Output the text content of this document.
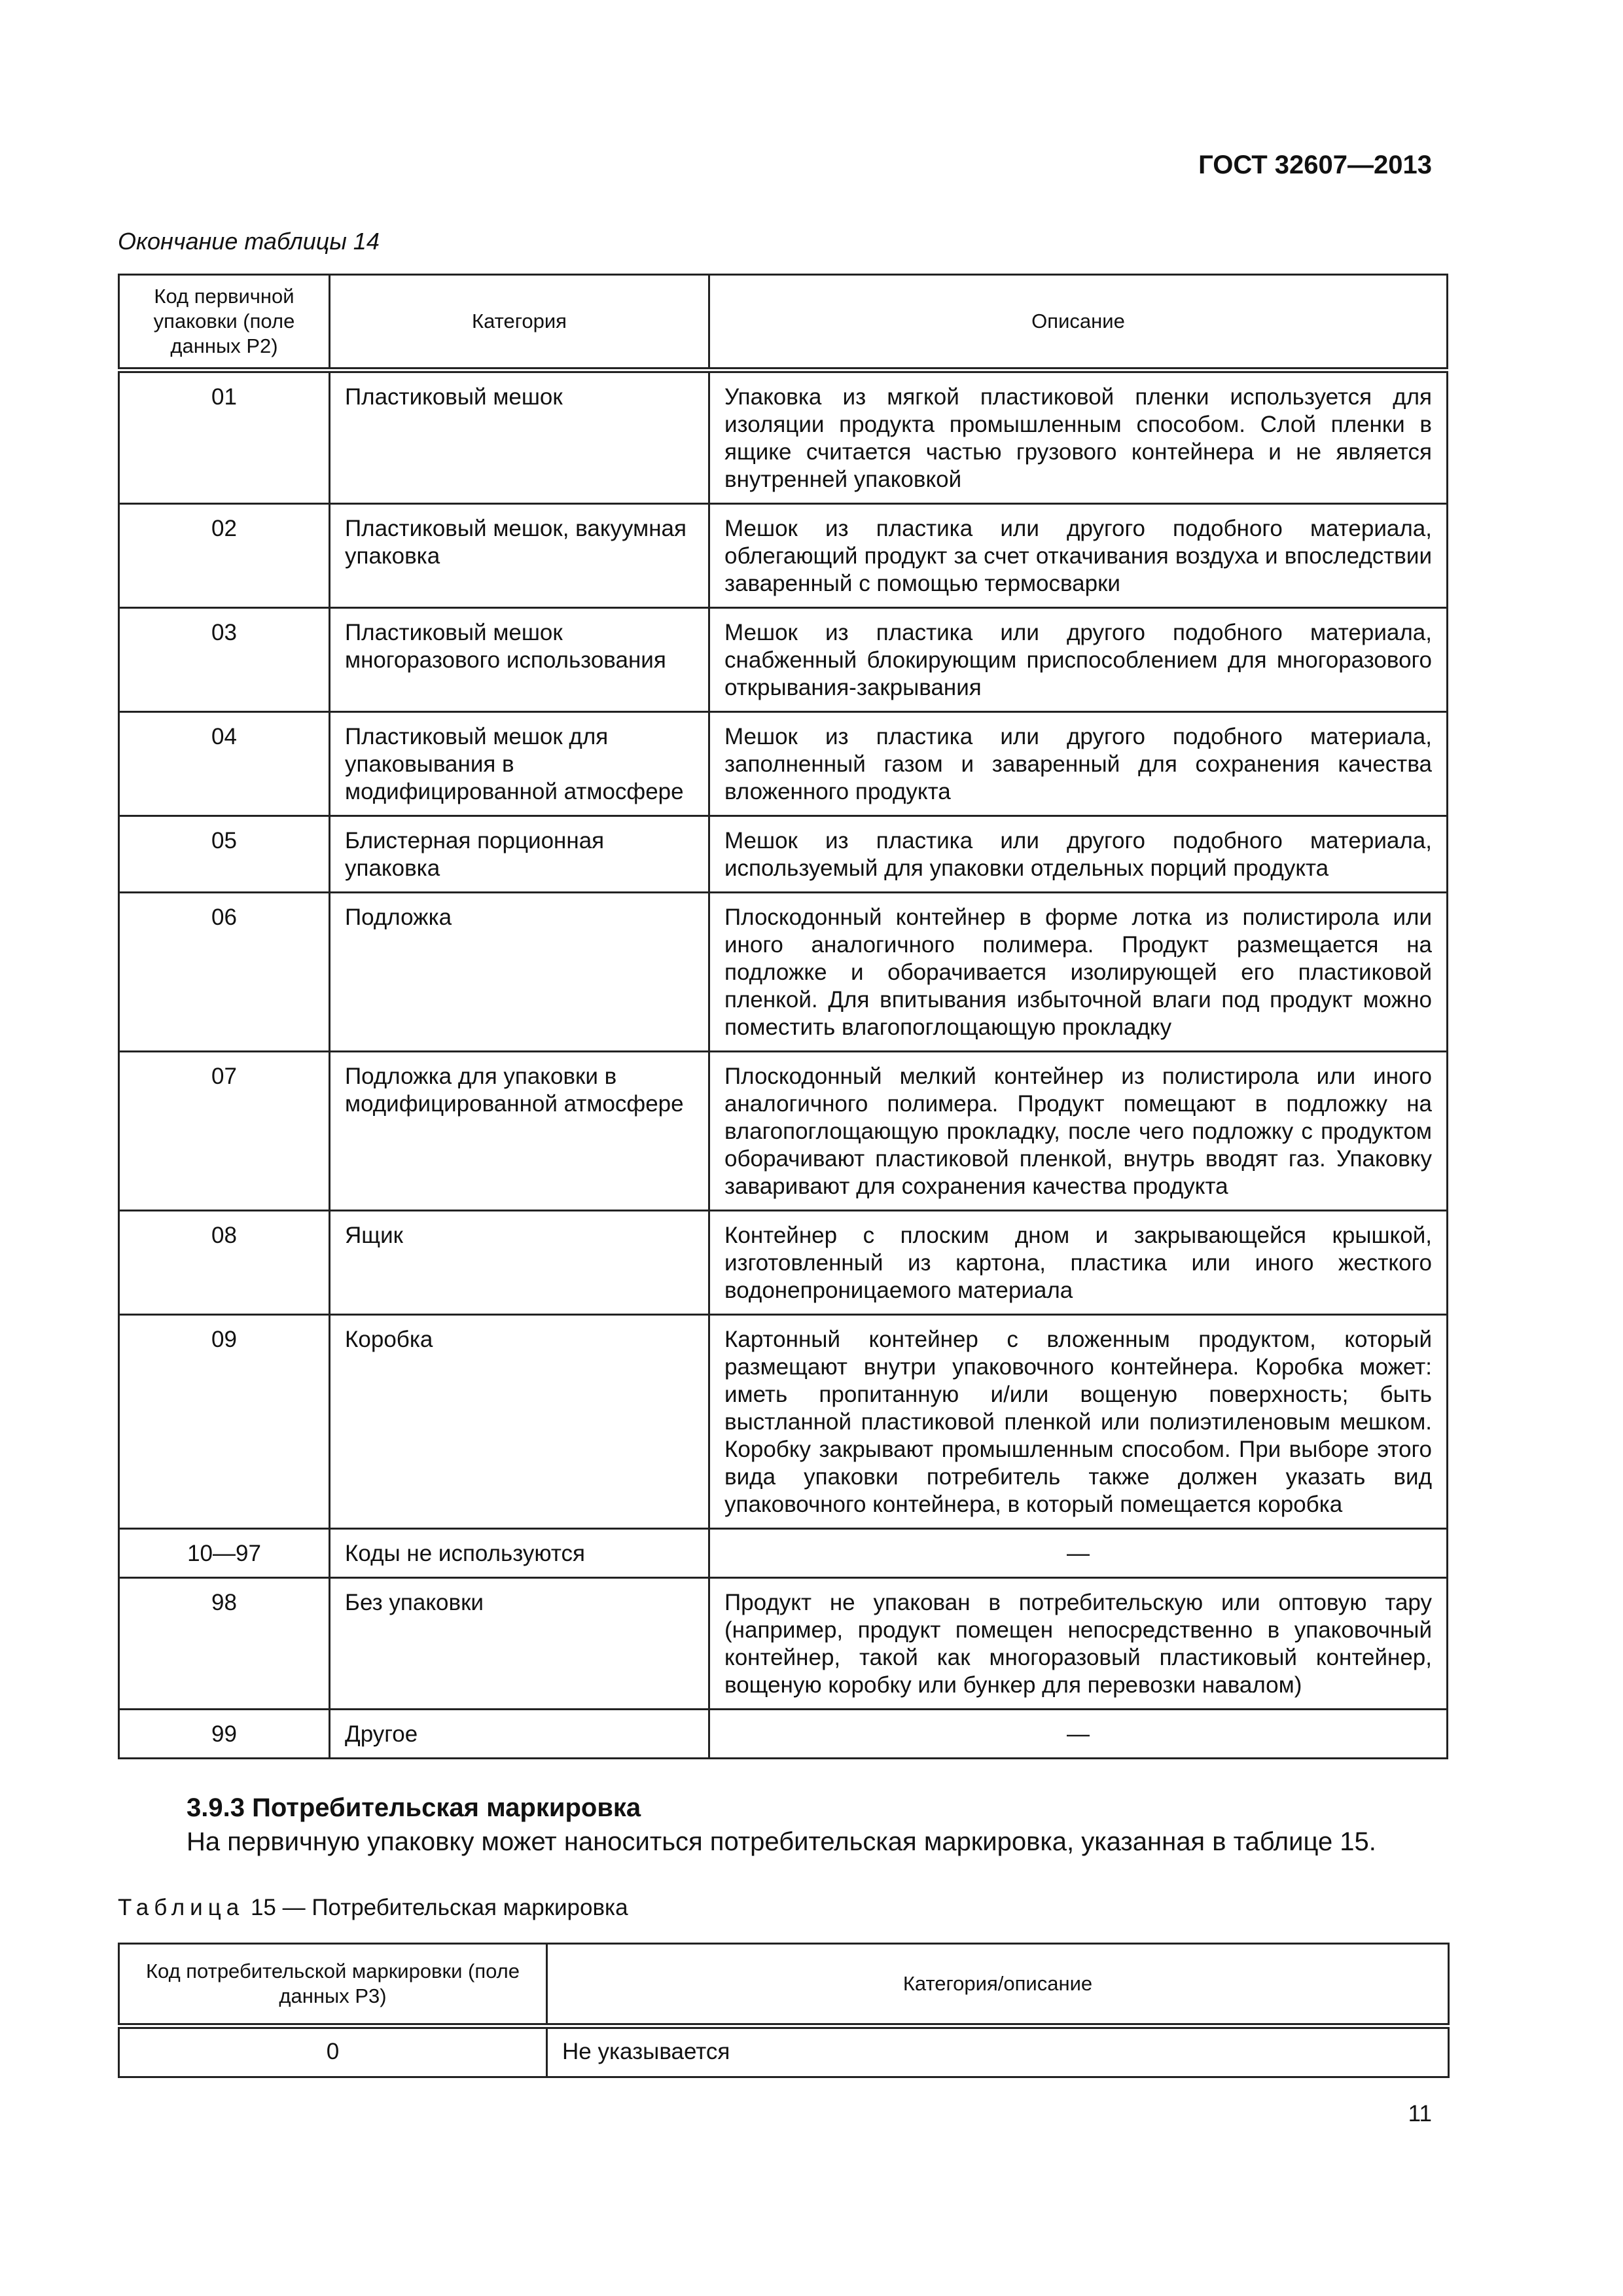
ГОСТ 32607—2013
Окончание таблицы 14
Код первичной упаковки (поле данных Р2)	Категория	Описание
01	Пластиковый мешок	Упаковка из мягкой пластиковой пленки используется для изоляции продукта промышленным способом. Слой пленки в ящике считается частью грузового контейнера и не является внутренней упаковкой
02	Пластиковый мешок, вакуумная упаковка	Мешок из пластика или другого подобного материала, облегающий продукт за счет откачивания воздуха и впоследствии заваренный с помощью термосварки
03	Пластиковый мешок многоразового использования	Мешок из пластика или другого подобного материала, снабженный блокирующим приспособлением для многоразового открывания-закрывания
04	Пластиковый мешок для упаковывания в модифицированной атмосфере	Мешок из пластика или другого подобного материала, заполненный газом и заваренный для сохранения качества вложенного продукта
05	Блистерная порционная упаковка	Мешок из пластика или другого подобного материала, используемый для упаковки отдельных порций продукта
06	Подложка	Плоскодонный контейнер в форме лотка из полистирола или иного аналогичного полимера. Продукт размещается на подложке и оборачивается изолирующей его пластиковой пленкой. Для впитывания избыточной влаги под продукт можно поместить влагопоглощающую прокладку
07	Подложка для упаковки в модифицированной атмосфере	Плоскодонный мелкий контейнер из полистирола или иного аналогичного полимера. Продукт помещают в подложку на влагопоглощающую прокладку, после чего подложку с продуктом оборачивают пластиковой пленкой, внутрь вводят газ. Упаковку заваривают для сохранения качества продукта
08	Ящик	Контейнер с плоским дном и закрывающейся крышкой, изготовленный из картона, пластика или иного жесткого водонепроницаемого материала
09	Коробка	Картонный контейнер с вложенным продуктом, который размещают внутри упаковочного контейнера. Коробка может: иметь пропитанную и/или вощеную поверхность; быть выстланной пластиковой пленкой или полиэтиленовым мешком. Коробку закрывают промышленным способом. При выборе этого вида упаковки потребитель также должен указать вид упаковочного контейнера, в который помещается коробка
10—97	Коды не используются	—
98	Без упаковки	Продукт не упакован в потребительскую или оптовую тару (например, продукт помещен непосредственно в упаковочный контейнер, такой как многоразовый пластиковый контейнер, вощеную коробку или бункер для перевозки навалом)
99	Другое	—
3.9.3 Потребительская маркировка
На первичную упаковку может наноситься потребительская маркировка, указанная в таблице 15.
Таблица 15 — Потребительская маркировка
Код потребительской маркировки (поле данных Р3)	Категория/описание
0	Не указывается
11
